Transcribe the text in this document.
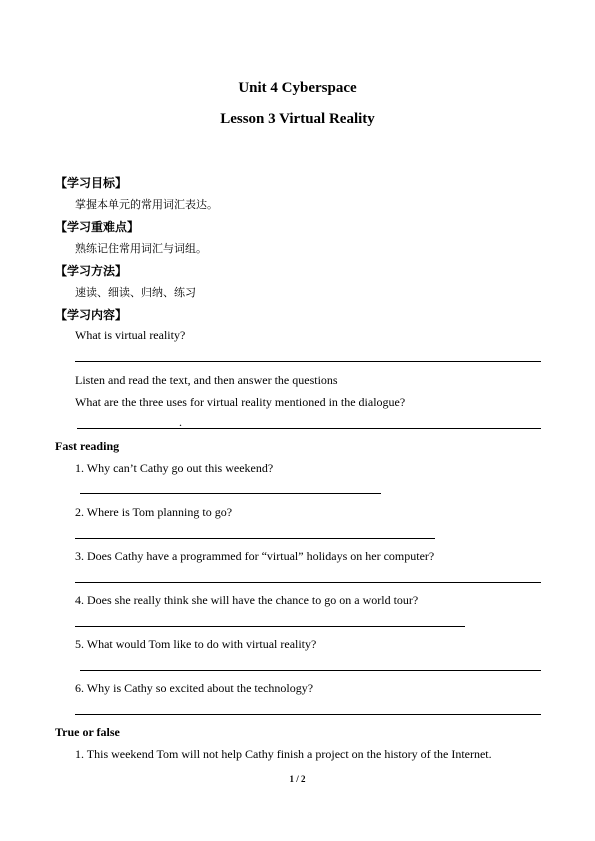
Unit 4 Cyberspace
Lesson 3 Virtual Reality
【学习目标】
掌握本单元的常用词汇表达。
【学习重难点】
熟练记住常用词汇与词组。
【学习方法】
速读、细读、归纳、练习
【学习内容】
What is virtual reality?
Listen and read the text, and then answer the questions
What are the three uses for virtual reality mentioned in the dialogue?
.
Fast reading
1. Why can’t Cathy go out this weekend?
2. Where is Tom planning to go?
3. Does Cathy have a programmed for “virtual” holidays on her computer?
4. Does she really think she will have the chance to go on a world tour?
5. What would Tom like to do with virtual reality?
6. Why is Cathy so excited about the technology?
True or false
1. This weekend Tom will not help Cathy finish a project on the history of the Internet.
1 / 2
